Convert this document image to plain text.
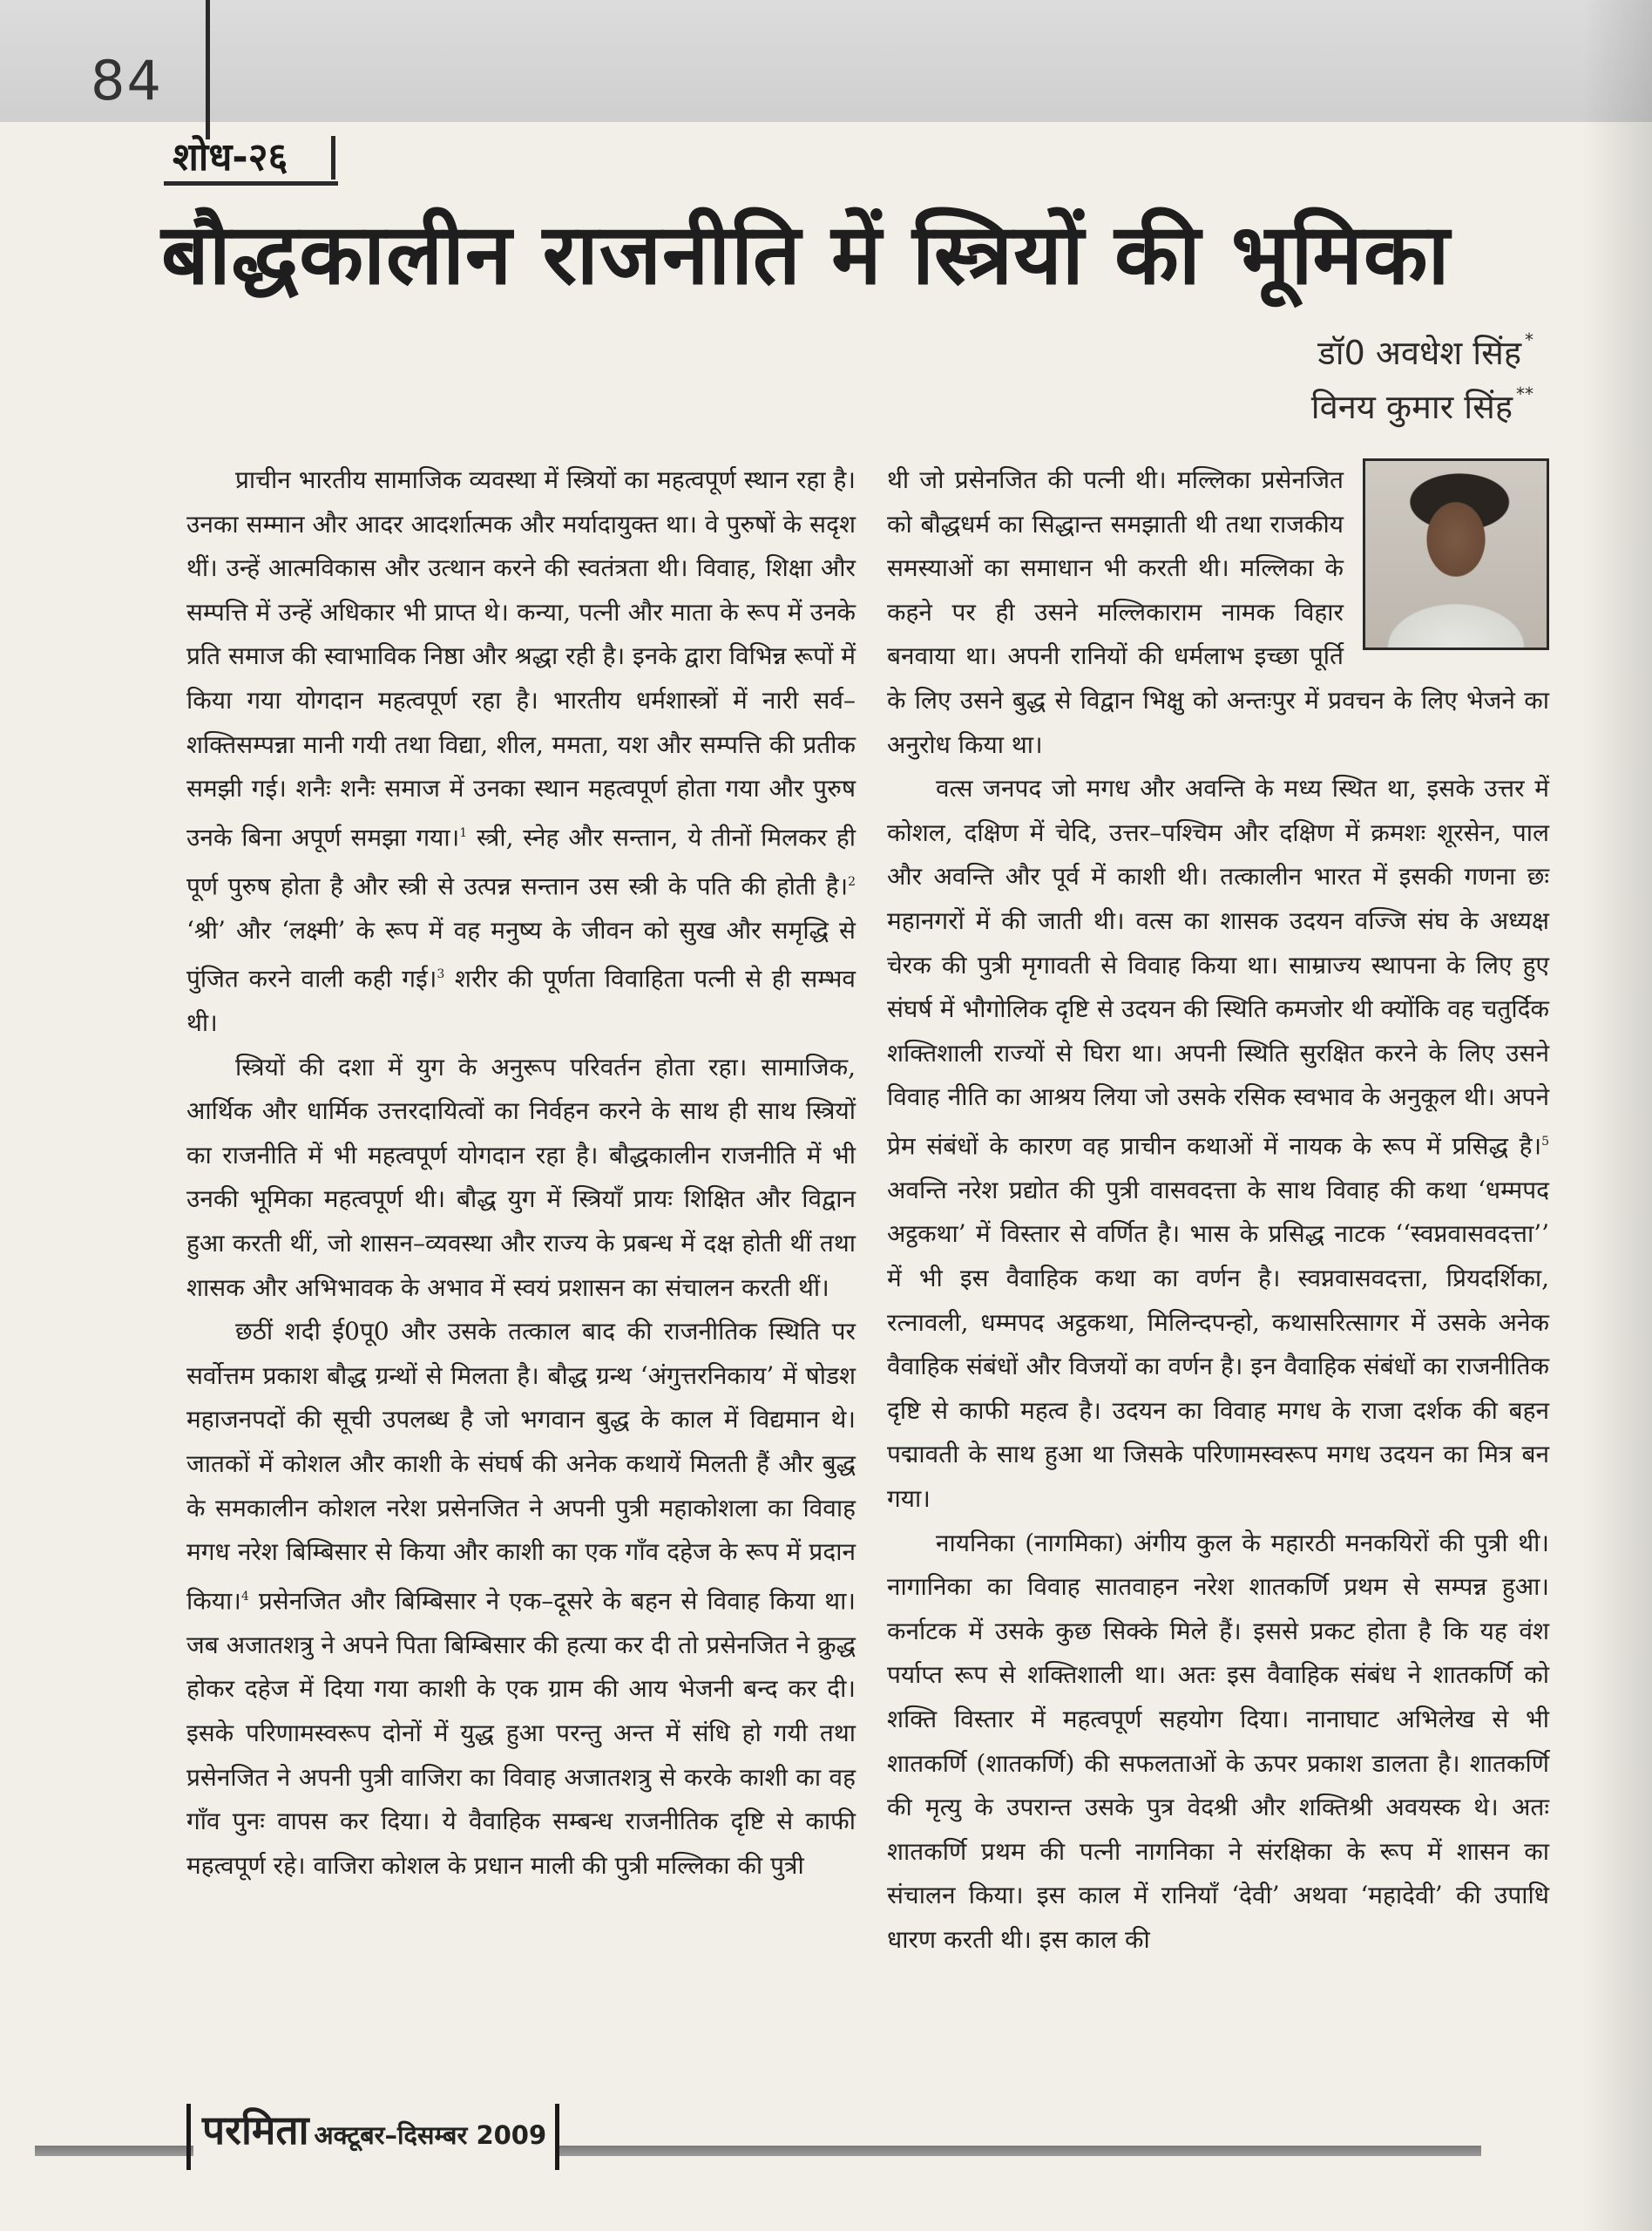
84
शोध-२६
बौद्धकालीन राजनीति में स्त्रियों की भूमिका
डॉ0 अवधेश सिंह *
विनय कुमार सिंह **

प्राचीन भारतीय सामाजिक व्यवस्था में स्त्रियों का महत्वपूर्ण स्थान रहा है। उनका सम्मान और आदर आदर्शात्मक और मर्यादायुक्त था। वे पुरुषों के सदृश थीं। उन्हें आत्मविकास और उत्थान करने की स्वतंत्रता थी। विवाह, शिक्षा और सम्पत्ति में उन्हें अधिकार भी प्राप्त थे। कन्या, पत्नी और माता के रूप में उनके प्रति समाज की स्वाभाविक निष्ठा और श्रद्धा रही है। इनके द्वारा विभिन्न रूपों में किया गया योगदान महत्वपूर्ण रहा है। भारतीय धर्मशास्त्रों में नारी सर्व–शक्तिसम्पन्ना मानी गयी तथा विद्या, शील, ममता, यश और सम्पत्ति की प्रतीक समझी गई। शनैः शनैः समाज में उनका स्थान महत्वपूर्ण होता गया और पुरुष उनके बिना अपूर्ण समझा गया।$^1$ स्त्री, स्नेह और सन्तान, ये तीनों मिलकर ही पूर्ण पुरुष होता है और स्त्री से उत्पन्न सन्तान उस स्त्री के पति की होती है।$^2$ ‘श्री’ और ‘लक्ष्मी’ के रूप में वह मनुष्य के जीवन को सुख और समृद्धि से पुंजित करने वाली कही गई।$^3$ शरीर की पूर्णता विवाहिता पत्नी से ही सम्भव थी।

स्त्रियों की दशा में युग के अनुरूप परिवर्तन होता रहा। सामाजिक, आर्थिक और धार्मिक उत्तरदायित्वों का निर्वहन करने के साथ ही साथ स्त्रियों का राजनीति में भी महत्वपूर्ण योगदान रहा है। बौद्धकालीन राजनीति में भी उनकी भूमिका महत्वपूर्ण थी। बौद्ध युग में स्त्रियाँ प्रायः शिक्षित और विद्वान हुआ करती थीं, जो शासन–व्यवस्था और राज्य के प्रबन्ध में दक्ष होती थीं तथा शासक और अभिभावक के अभाव में स्वयं प्रशासन का संचालन करती थीं।

छठीं शदी ई0पू0 और उसके तत्काल बाद की राजनीतिक स्थिति पर सर्वोत्तम प्रकाश बौद्ध ग्रन्थों से मिलता है। बौद्ध ग्रन्थ ‘अंगुत्तरनिकाय’ में षोडश महाजनपदों की सूची उपलब्ध है जो भगवान बुद्ध के काल में विद्यमान थे। जातकों में कोशल और काशी के संघर्ष की अनेक कथायें मिलती हैं और बुद्ध के समकालीन कोशल नरेश प्रसेनजित ने अपनी पुत्री महाकोशला का विवाह मगध नरेश बिम्बिसार से किया और काशी का एक गाँव दहेज के रूप में प्रदान किया।$^4$ प्रसेनजित और बिम्बिसार ने एक–दूसरे के बहन से विवाह किया था। जब अजातशत्रु ने अपने पिता बिम्बिसार की हत्या कर दी तो प्रसेनजित ने क्रुद्ध होकर दहेज में दिया गया काशी के एक ग्राम की आय भेजनी बन्द कर दी। इसके परिणामस्वरूप दोनों में युद्ध हुआ परन्तु अन्त में संधि हो गयी तथा प्रसेनजित ने अपनी पुत्री वाजिरा का विवाह अजातशत्रु से करके काशी का वह गाँव पुनः वापस कर दिया। ये वैवाहिक सम्बन्ध राजनीतिक दृष्टि से काफी महत्वपूर्ण रहे। वाजिरा कोशल के प्रधान माली की पुत्री मल्लिका की पुत्री

थी जो प्रसेनजित की पत्नी थी। मल्लिका प्रसेनजित को बौद्धधर्म का सिद्धान्त समझाती थी तथा राजकीय समस्याओं का समाधान भी करती थी। मल्लिका के कहने पर ही उसने मल्लिकाराम नामक विहार बनवाया था। अपनी रानियों की धर्मलाभ इच्छा पूर्ति के लिए उसने बुद्ध से विद्वान भिक्षु को अन्तःपुर में प्रवचन के लिए भेजने का अनुरोध किया था।

वत्स जनपद जो मगध और अवन्ति के मध्य स्थित था, इसके उत्तर में कोशल, दक्षिण में चेदि, उत्तर–पश्चिम और दक्षिण में क्रमशः शूरसेन, पाल और अवन्ति और पूर्व में काशी थी। तत्कालीन भारत में इसकी गणना छः महानगरों में की जाती थी। वत्स का शासक उदयन वज्जि संघ के अध्यक्ष चेरक की पुत्री मृगावती से विवाह किया था। साम्राज्य स्थापना के लिए हुए संघर्ष में भौगोलिक दृष्टि से उदयन की स्थिति कमजोर थी क्योंकि वह चतुर्दिक शक्तिशाली राज्यों से घिरा था। अपनी स्थिति सुरक्षित करने के लिए उसने विवाह नीति का आश्रय लिया जो उसके रसिक स्वभाव के अनुकूल थी। अपने प्रेम संबंधों के कारण वह प्राचीन कथाओं में नायक के रूप में प्रसिद्ध है।$^5$ अवन्ति नरेश प्रद्योत की पुत्री वासवदत्ता के साथ विवाह की कथा ‘धम्मपद अट्ठकथा’ में विस्तार से वर्णित है। भास के प्रसिद्ध नाटक ‘‘स्वप्नवासवदत्ता’’ में भी इस वैवाहिक कथा का वर्णन है। स्वप्नवासवदत्ता, प्रियदर्शिका, रत्नावली, धम्मपद अट्ठकथा, मिलिन्दपन्हो, कथासरित्सागर में उसके अनेक वैवाहिक संबंधों और विजयों का वर्णन है। इन वैवाहिक संबंधों का राजनीतिक दृष्टि से काफी महत्व है। उदयन का विवाह मगध के राजा दर्शक की बहन पद्मावती के साथ हुआ था जिसके परिणामस्वरूप मगध उदयन का मित्र बन गया।

नायनिका (नागमिका) अंगीय कुल के महारठी मनकयिरों की पुत्री थी। नागानिका का विवाह सातवाहन नरेश शातकर्णि प्रथम से सम्पन्न हुआ। कर्नाटक में उसके कुछ सिक्के मिले हैं। इससे प्रकट होता है कि यह वंश पर्याप्त रूप से शक्तिशाली था। अतः इस वैवाहिक संबंध ने शातकर्णि को शक्ति विस्तार में महत्वपूर्ण सहयोग दिया। नानाघाट अभिलेख से भी शातकर्णि (शातकर्णि) की सफलताओं के ऊपर प्रकाश डालता है। शातकर्णि की मृत्यु के उपरान्त उसके पुत्र वेदश्री और शक्तिश्री अवयस्क थे। अतः शातकर्णि प्रथम की पत्नी नागनिका ने संरक्षिका के रूप में शासन का संचालन किया। इस काल में रानियाँ ‘देवी’ अथवा ‘महादेवी’ की उपाधि धारण करती थी। इस काल की

परमिता अक्टूबर–दिसम्बर 2009
